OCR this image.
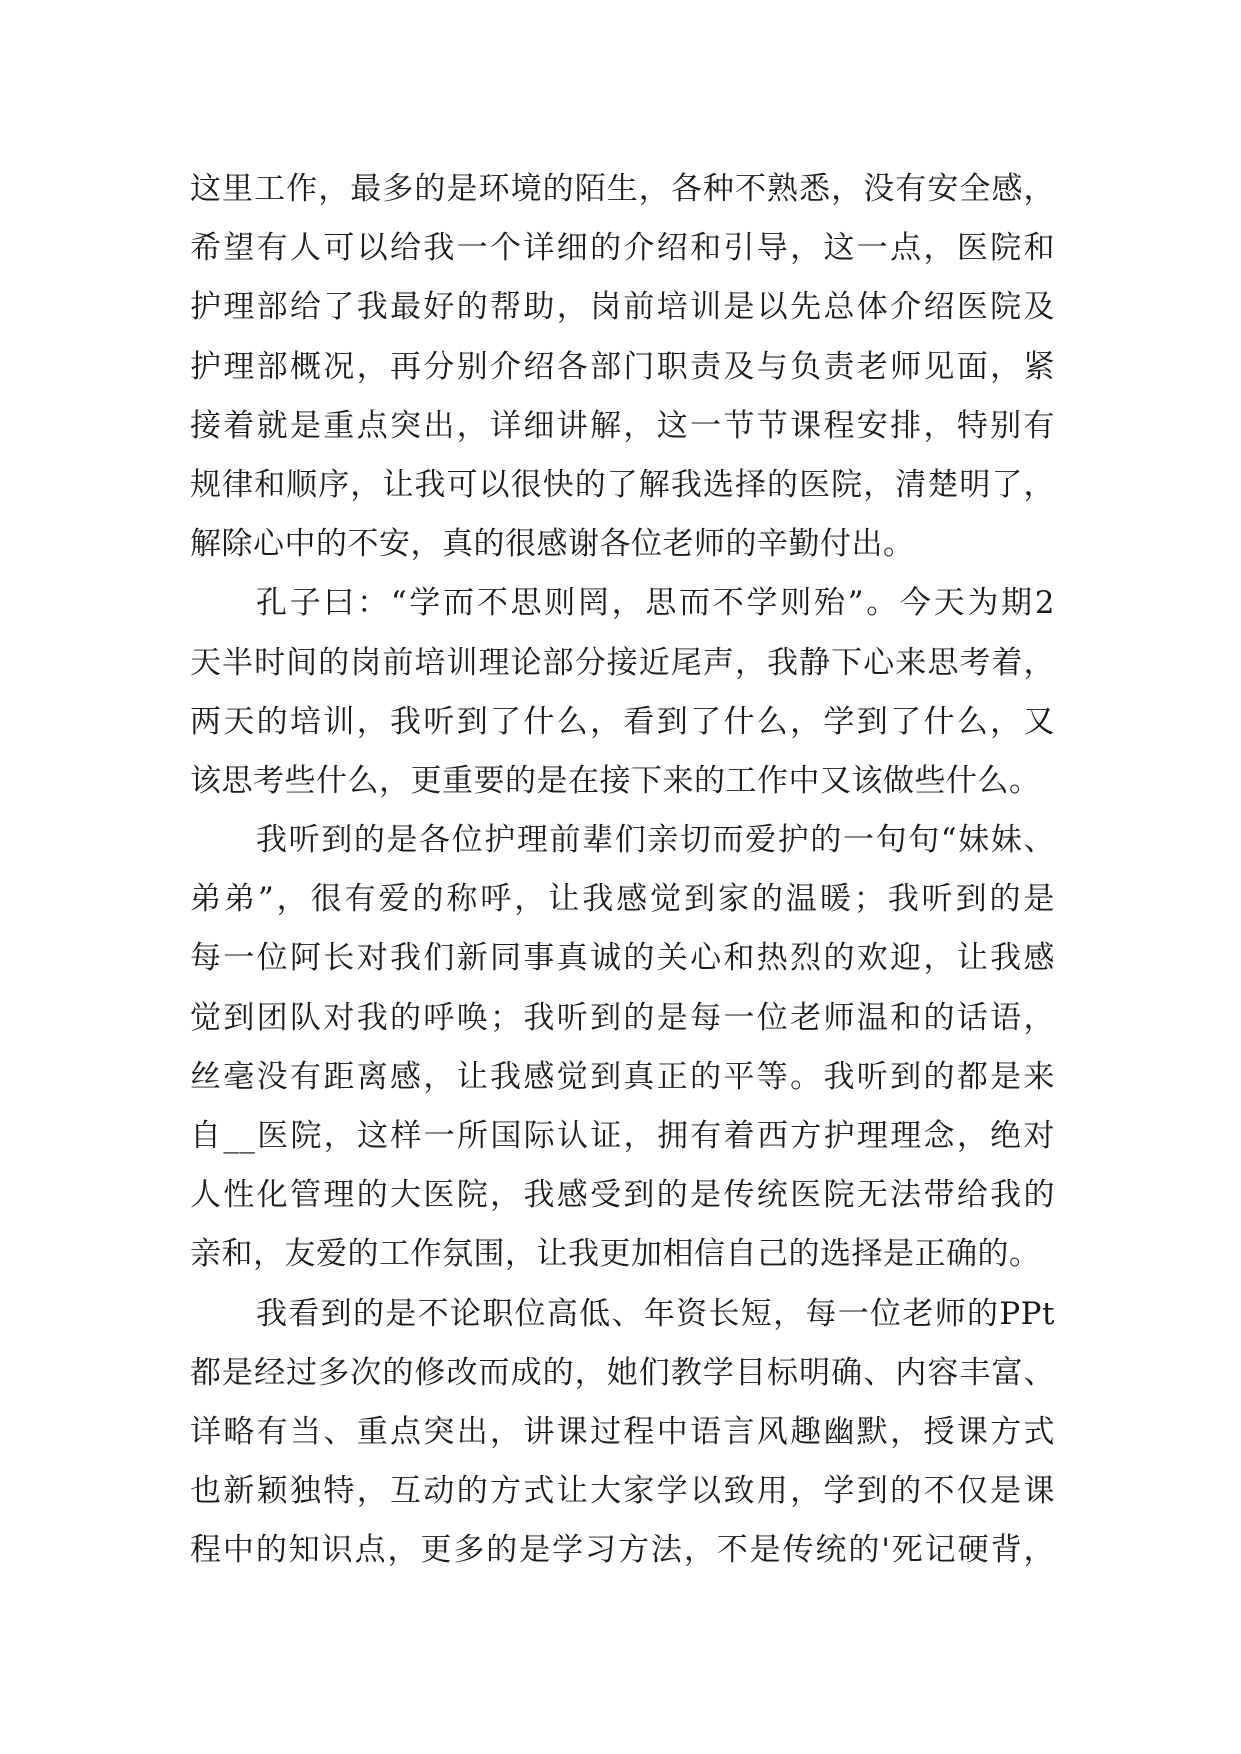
这里工作，最多的是环境的陌生，各种不熟悉，没有安全感，
希望有人可以给我一个详细的介绍和引导，这一点，医院和
护理部给了我最好的帮助，岗前培训是以先总体介绍医院及
护理部概况，再分别介绍各部门职责及与负责老师见面，紧
接着就是重点突出，详细讲解，这一节节课程安排，特别有
规律和顺序，让我可以很快的了解我选择的医院，清楚明了，
解除心中的不安，真的很感谢各位老师的辛勤付出。
孔子曰：“学而不思则罔，思而不学则殆”。今天为期2
天半时间的岗前培训理论部分接近尾声，我静下心来思考着，
两天的培训，我听到了什么，看到了什么，学到了什么，又
该思考些什么，更重要的是在接下来的工作中又该做些什么。
我听到的是各位护理前辈们亲切而爱护的一句句“妹妹、
弟弟”，很有爱的称呼，让我感觉到家的温暖；我听到的是
每一位阿长对我们新同事真诚的关心和热烈的欢迎，让我感
觉到团队对我的呼唤；我听到的是每一位老师温和的话语，
丝毫没有距离感，让我感觉到真正的平等。我听到的都是来
自__医院，这样一所国际认证，拥有着西方护理理念，绝对
人性化管理的大医院，我感受到的是传统医院无法带给我的
亲和，友爱的工作氛围，让我更加相信自己的选择是正确的。
我看到的是不论职位高低、年资长短，每一位老师的PPt
都是经过多次的修改而成的，她们教学目标明确、内容丰富、
详略有当、重点突出，讲课过程中语言风趣幽默，授课方式
也新颖独特，互动的方式让大家学以致用，学到的不仅是课
程中的知识点，更多的是学习方法，不是传统的'死记硬背，
